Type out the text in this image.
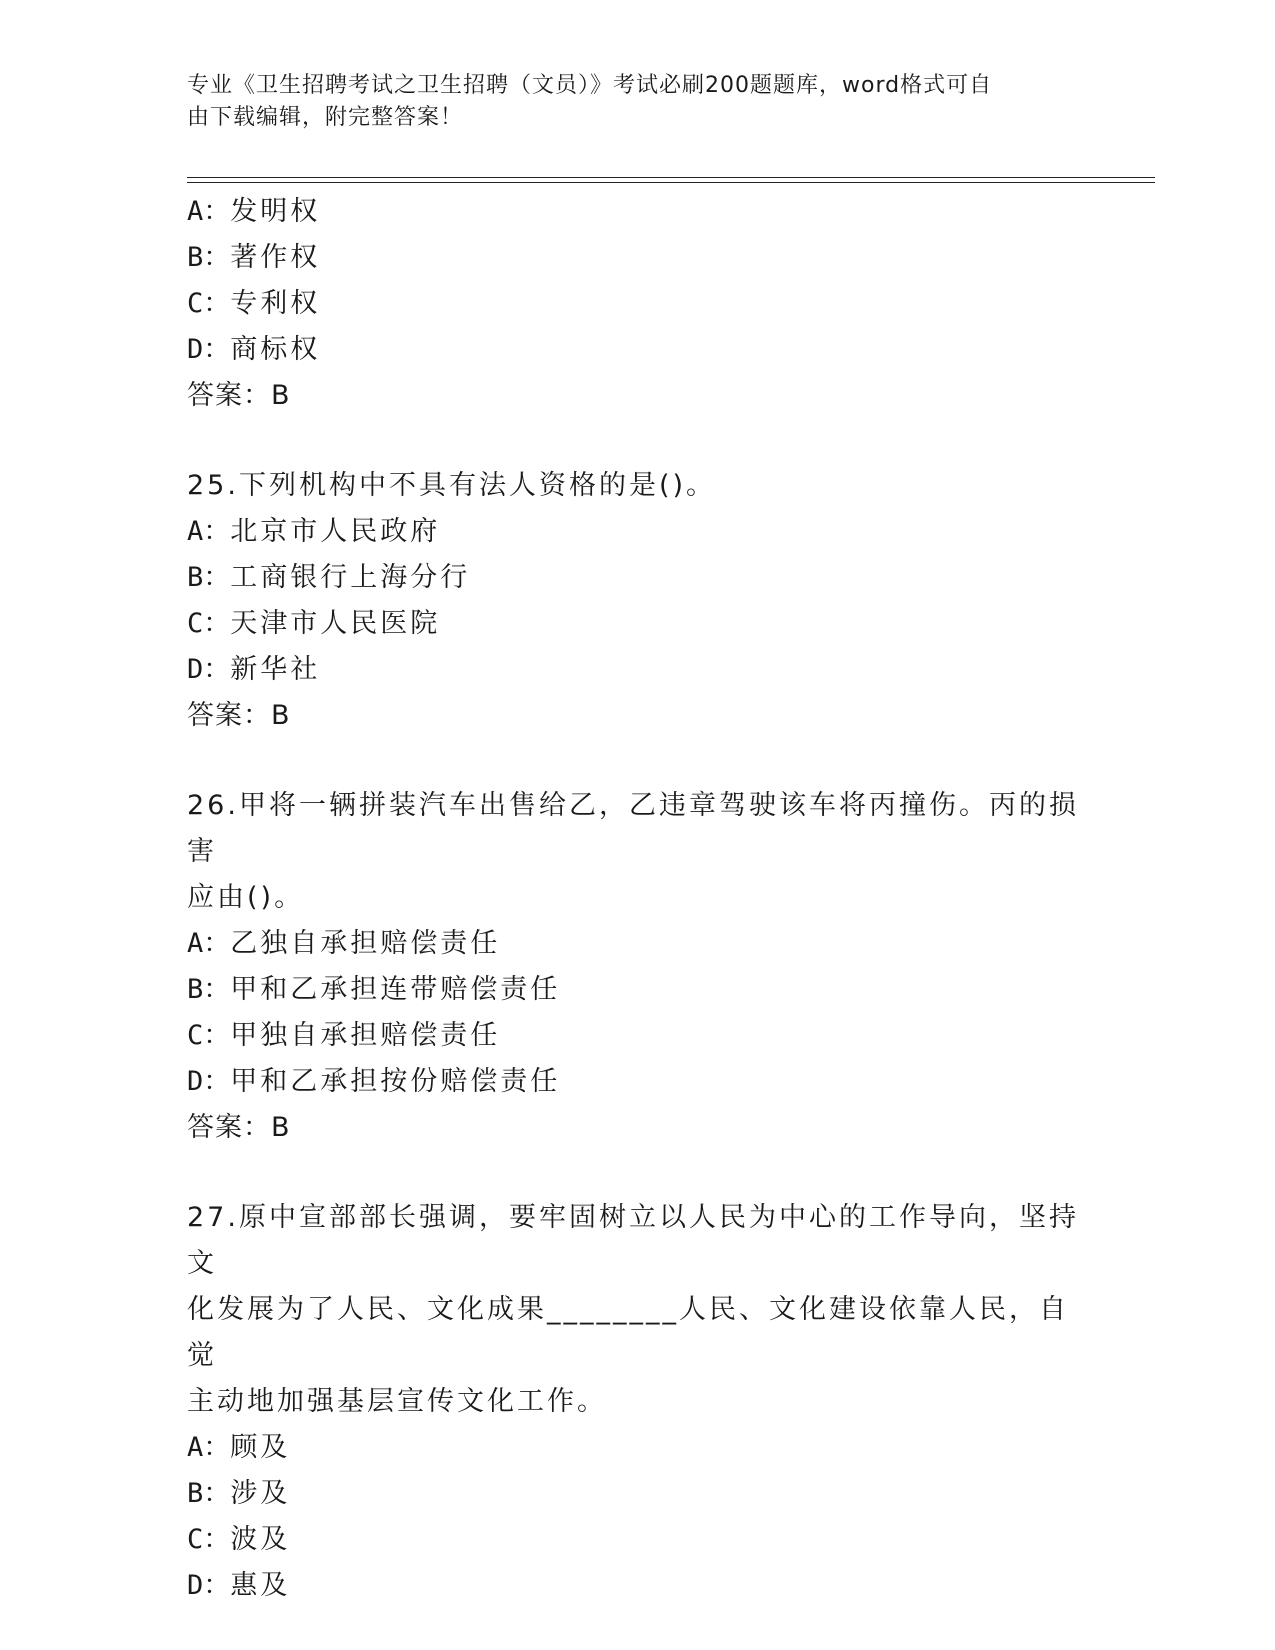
专业《卫生招聘考试之卫生招聘（文员）》考试必刷200题题库，word格式可自
由下载编辑，附完整答案！
A：发明权
B：著作权
C：专利权
D：商标权
答案：B
25.下列机构中不具有法人资格的是()。
A：北京市人民政府
B：工商银行上海分行
C：天津市人民医院
D：新华社
答案：B
26.甲将一辆拼装汽车出售给乙，乙违章驾驶该车将丙撞伤。丙的损害
应由()。
A：乙独自承担赔偿责任
B：甲和乙承担连带赔偿责任
C：甲独自承担赔偿责任
D：甲和乙承担按份赔偿责任
答案：B
27.原中宣部部长强调，要牢固树立以人民为中心的工作导向，坚持文
化发展为了人民、文化成果________人民、文化建设依靠人民，自觉
主动地加强基层宣传文化工作。
A：顾及
B：涉及
C：波及
D：惠及
